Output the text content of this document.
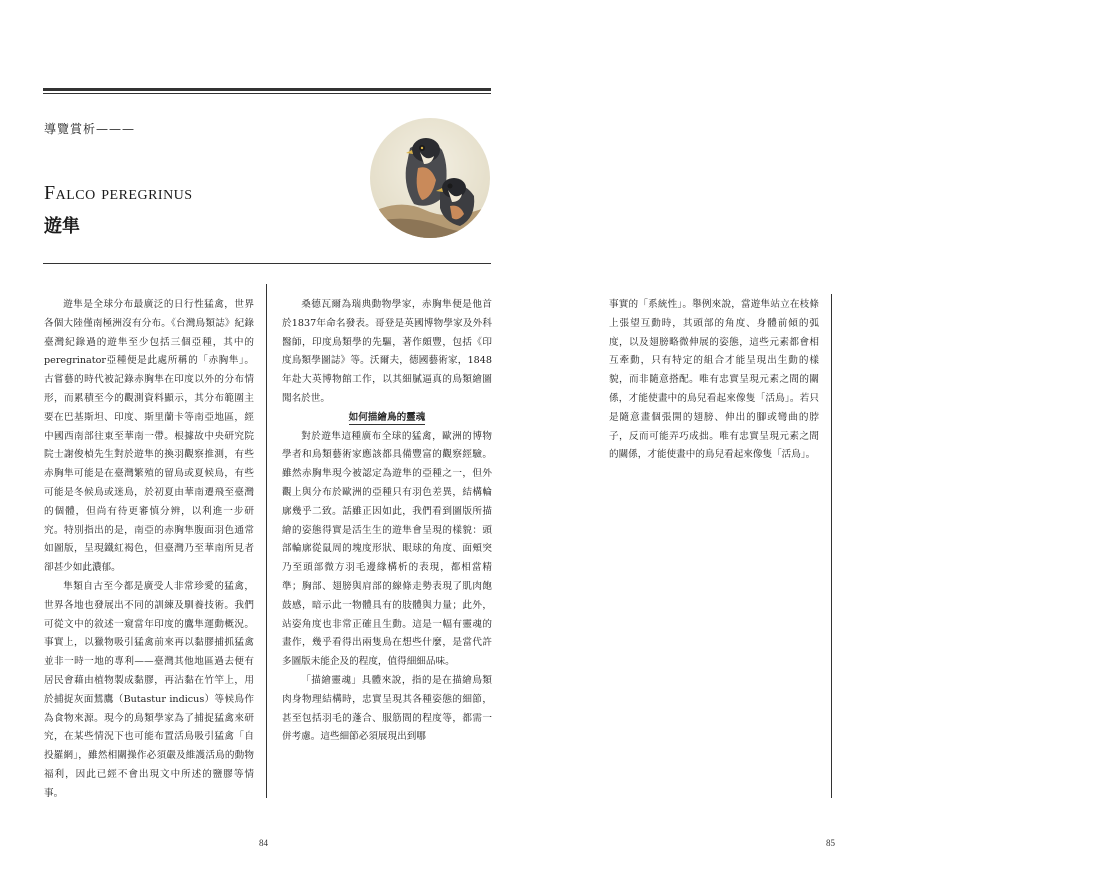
導覽賞析———
Falco peregrinus
遊隼

遊隼是全球分布最廣泛的日行性猛禽，世界各個大陸僅南極洲沒有分布。《台灣鳥類誌》紀錄臺灣紀錄過的遊隼至少包括三個亞種，其中的peregrinator亞種便是此處所稱的「赤胸隼」。古嘗藝的時代被記錄赤胸隼在印度以外的分布情形，而累積至今的觀測資料顯示，其分布範圍主要在巴基斯坦、印度、斯里蘭卡等南亞地區，經中國西南部往東至華南一帶。根據故中央研究院院士謝俊楨先生對於遊隼的換羽觀察推測，有些赤胸隼可能是在臺灣繁殖的留鳥或夏候鳥，有些可能是冬候鳥或迷鳥，於初夏由華南遷飛至臺灣的個體，但尚有待更審慎分辨，以利進一步研究。特別指出的是，南亞的赤胸隼腹面羽色通常如圖版，呈現鐵紅褐色，但臺灣乃至華南所見者卻甚少如此濃郁。

隼類自古至今都是廣受人非常珍愛的猛禽，世界各地也發展出不同的訓練及馴養技術。我們可從文中的敘述一窺當年印度的鷹隼運動概況。事實上，以獵物吸引猛禽前來再以黏膠捕抓猛禽並非一時一地的專利——臺灣其他地區過去便有居民會藉由植物製成黏膠，再沾黏在竹竿上，用於捕捉灰面鵟鷹（Butastur indicus）等候鳥作為食物來源。現今的鳥類學家為了捕捉猛禽來研究，在某些情況下也可能布置活鳥吸引猛禽「自投羅網」，雖然相關操作必須嚴及維護活鳥的動物福利，因此已經不會出現文中所述的鹽膠等情事。

桑德瓦爾為瑞典動物學家，赤胸隼便是他首於1837年命名發表。哥登是英國博物學家及外科醫師，印度鳥類學的先驅，著作頗豐，包括《印度鳥類學圖誌》等。沃爾夫，德國藝術家，1848年赴大英博物館工作，以其細膩逼真的鳥類繪圖聞名於世。

如何描繪鳥的靈魂

對於遊隼這種廣布全球的猛禽，歐洲的博物學者和鳥類藝術家應該都具備豐富的觀察經驗。雖然赤胸隼現今被認定為遊隼的亞種之一，但外觀上與分布於歐洲的亞種只有羽色差異，結構輪廓幾乎二致。話雖正因如此，我們看到圖版所描繪的姿態得實是活生生的遊隼會呈現的樣貌：頭部輪廓從鼠周的塊度形狀、眼球的角度、面頰突乃至頭部微方羽毛邊緣構析的表現，都相當精準；胸部、翅膀與肩部的線條走勢表現了肌肉飽鼓感，暗示此一物體具有的肢體與力量；此外，站姿角度也非常正確且生動。這是一幅有靈魂的畫作，幾乎看得出兩隻鳥在想些什麼，是當代許多圖版未能企及的程度，值得細細品味。

「描繪靈魂」具體來說，指的是在描繪鳥類肉身物理結構時，忠實呈現其各種姿態的細節，甚至包括羽毛的蓬合、服筋間的程度等，都需一併考慮。這些細節必須展現出到哪

事實的「系統性」。舉例來說，當遊隼站立在枝條上張望互動時，其頭部的角度、身體前傾的弧度，以及翅膀略微伸展的姿態，這些元素都會相互牽動，只有特定的組合才能呈現出生動的樣貌，而非隨意搭配。唯有忠實呈現元素之間的關係，才能使畫中的鳥兒看起來像隻「活鳥」。若只是隨意畫個張開的翅膀、伸出的腳或彎曲的脖子，反而可能弄巧成拙。唯有忠實呈現元素之間的關係，才能使畫中的鳥兒看起來像隻「活鳥」。

84	85
